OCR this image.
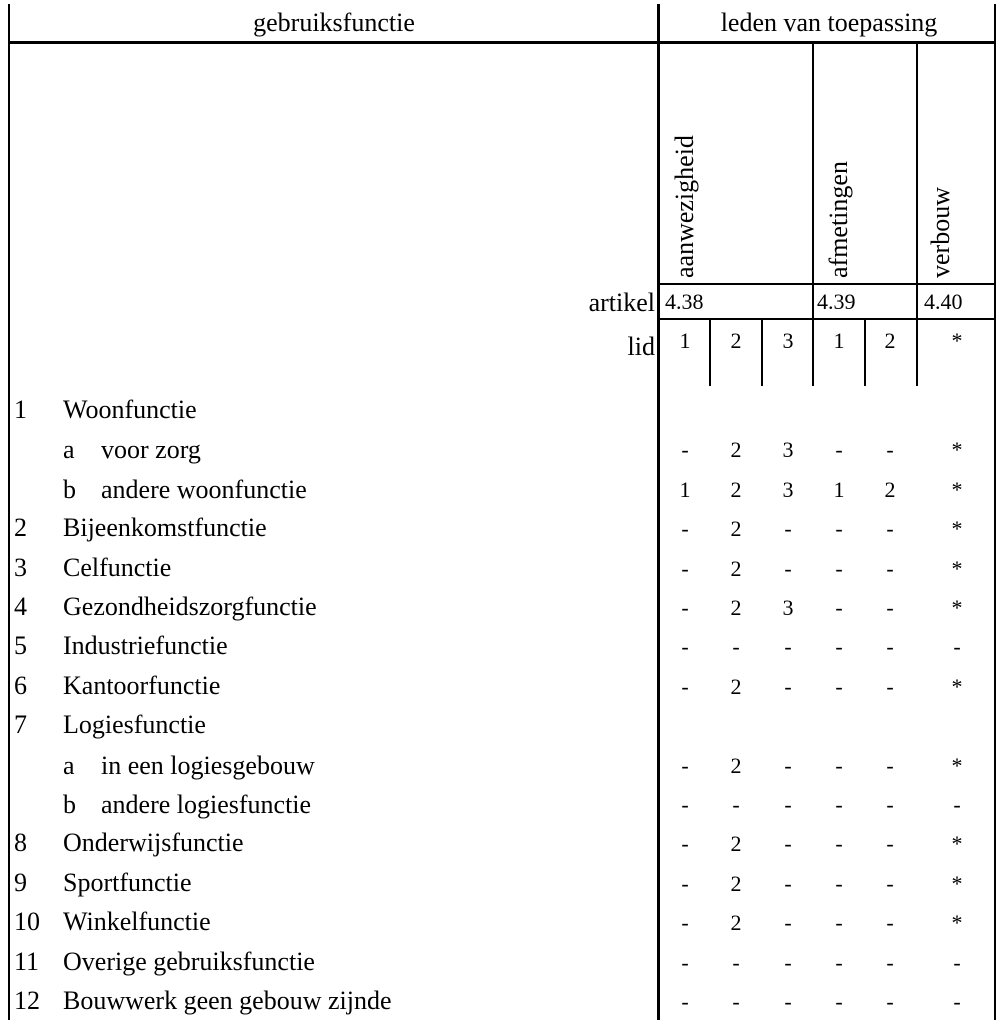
gebruiksfunctie	leden van toepassing
aanwezigheid	afmetingen	verbouw
artikel 4.38	4.39	4.40
lid 1 2 3 1 2	*
1 Woonfunctie
a voor zorg	- 2 3 - -	*
b andere woonfunctie	1 2 3 1 2	*
2 Bijeenkomstfunctie	- 2 - - -	*
3 Celfunctie	- 2 - - -	*
4 Gezondheidszorgfunctie	- 2 3 - -	*
5 Industriefunctie	- - - - -	-
6 Kantoorfunctie	- 2 - - -	*
7 Logiesfunctie
a in een logiesgebouw	- 2 - - -	*
b andere logiesfunctie	- - - - -	-
8 Onderwijsfunctie	- 2 - - -	*
9 Sportfunctie	- 2 - - -	*
10 Winkelfunctie	- 2 - - -	*
11 Overige gebruiksfunctie	- - - - -	-
12 Bouwwerk geen gebouw zijnde	- - - - -	-
